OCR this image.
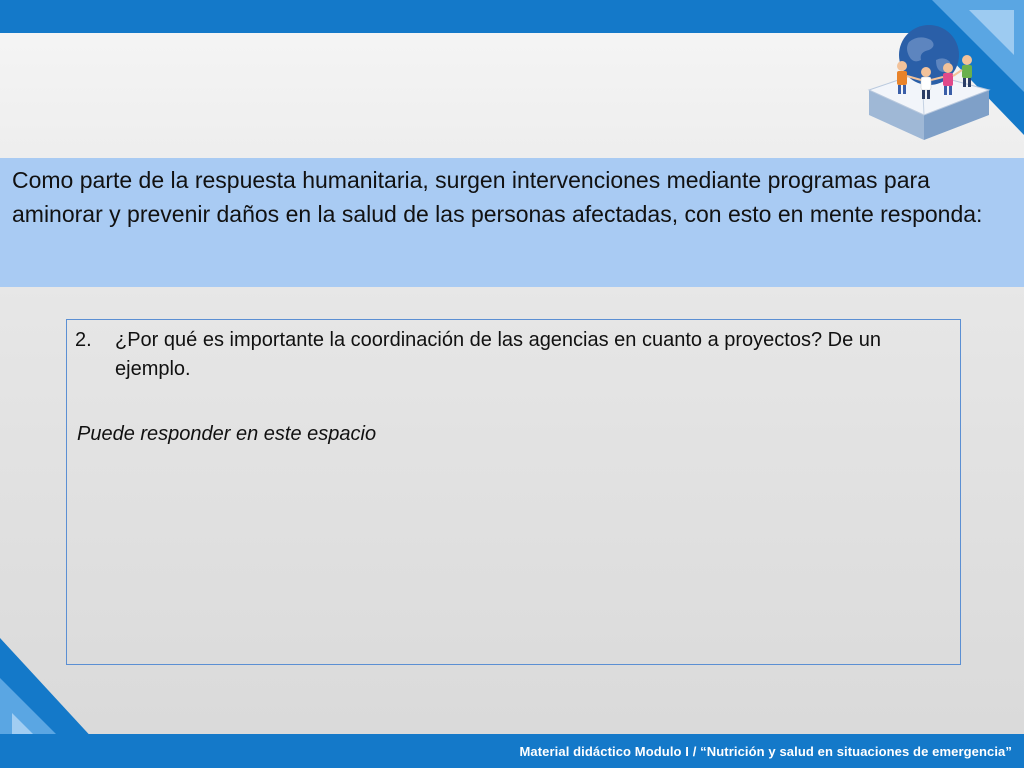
Como parte de la respuesta humanitaria, surgen intervenciones mediante programas para aminorar y prevenir daños en la salud de las personas afectadas, con esto en mente responda:
2.	¿Por qué es importante la coordinación de las agencias en cuanto a proyectos? De un ejemplo.
Puede responder en este espacio
Material didáctico Modulo I / “Nutrición y salud en situaciones de emergencia”
